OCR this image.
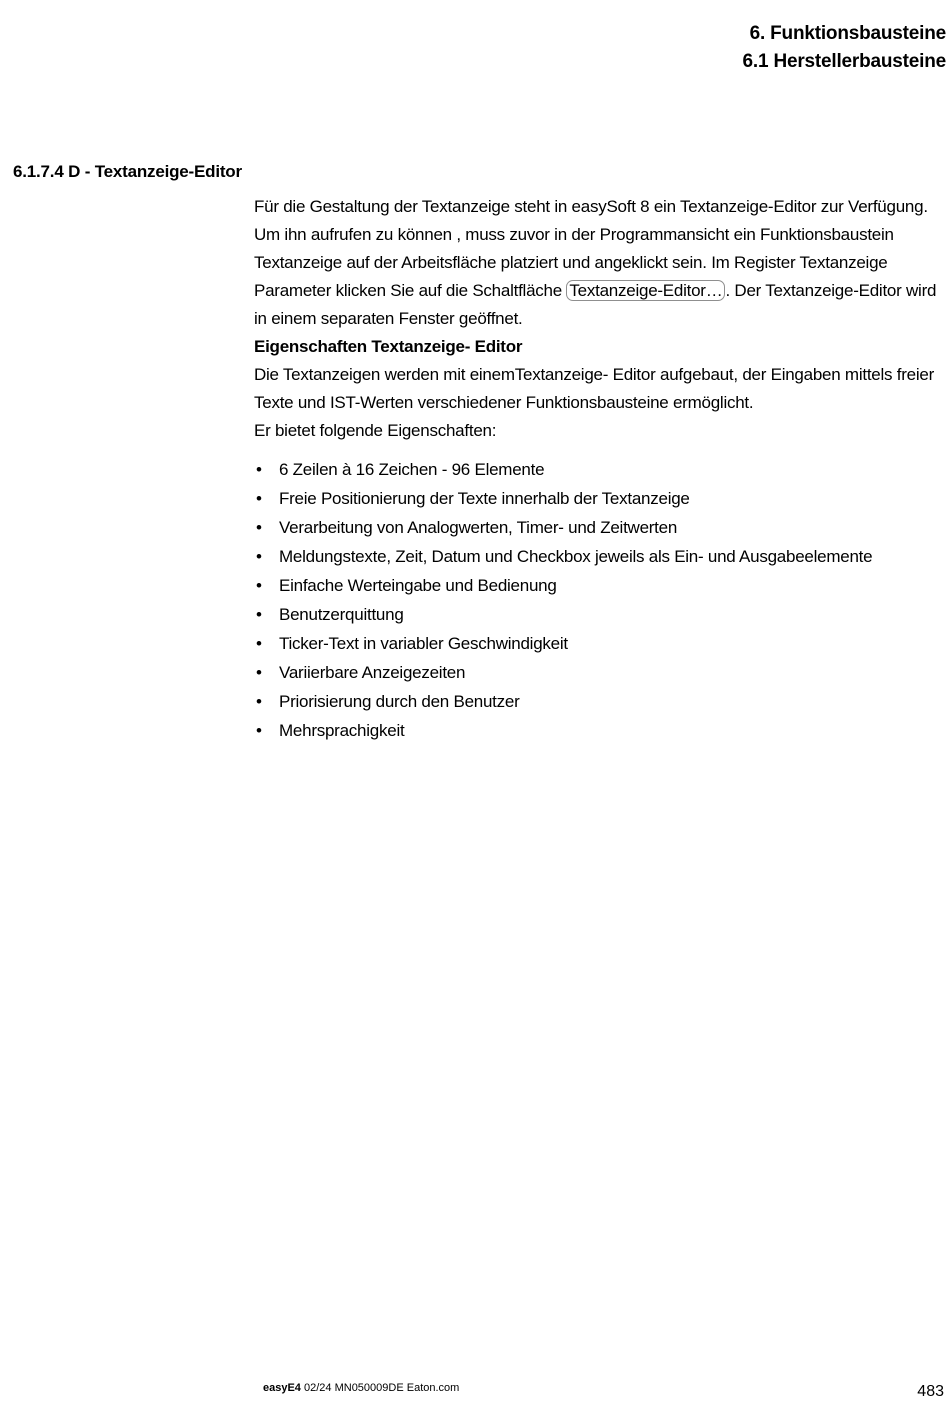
6. Funktionsbausteine
6.1 Herstellerbausteine
6.1.7.4 D - Textanzeige-Editor

Für die Gestaltung der Textanzeige steht in easySoft 8 ein Textanzeige-Editor zur Verfügung. Um ihn aufrufen zu können , muss zuvor in der Programmansicht ein Funktionsbaustein Textanzeige auf der Arbeitsfläche platziert und angeklickt sein. Im Register Textanzeige Parameter klicken Sie auf die Schaltfläche Textanzeige-Editor… . Der Textanzeige-Editor wird in einem separaten Fenster geöffnet.

Eigenschaften Textanzeige- Editor

Die Textanzeigen werden mit einemTextanzeige- Editor aufgebaut, der Eingaben mittels freier Texte und IST-Werten verschiedener Funktionsbausteine ermöglicht.

Er bietet folgende Eigenschaften:

• 6 Zeilen à 16 Zeichen - 96 Elemente
• Freie Positionierung der Texte innerhalb der Textanzeige
• Verarbeitung von Analogwerten, Timer- und Zeitwerten
• Meldungstexte, Zeit, Datum und Checkbox jeweils als Ein- und Ausgabeelemente
• Einfache Werteingabe und Bedienung
• Benutzerquittung
• Ticker-Text in variabler Geschwindigkeit
• Variierbare Anzeigezeiten
• Priorisierung durch den Benutzer
• Mehrsprachigkeit
easyE4 02/24 MN050009DE Eaton.com	483
